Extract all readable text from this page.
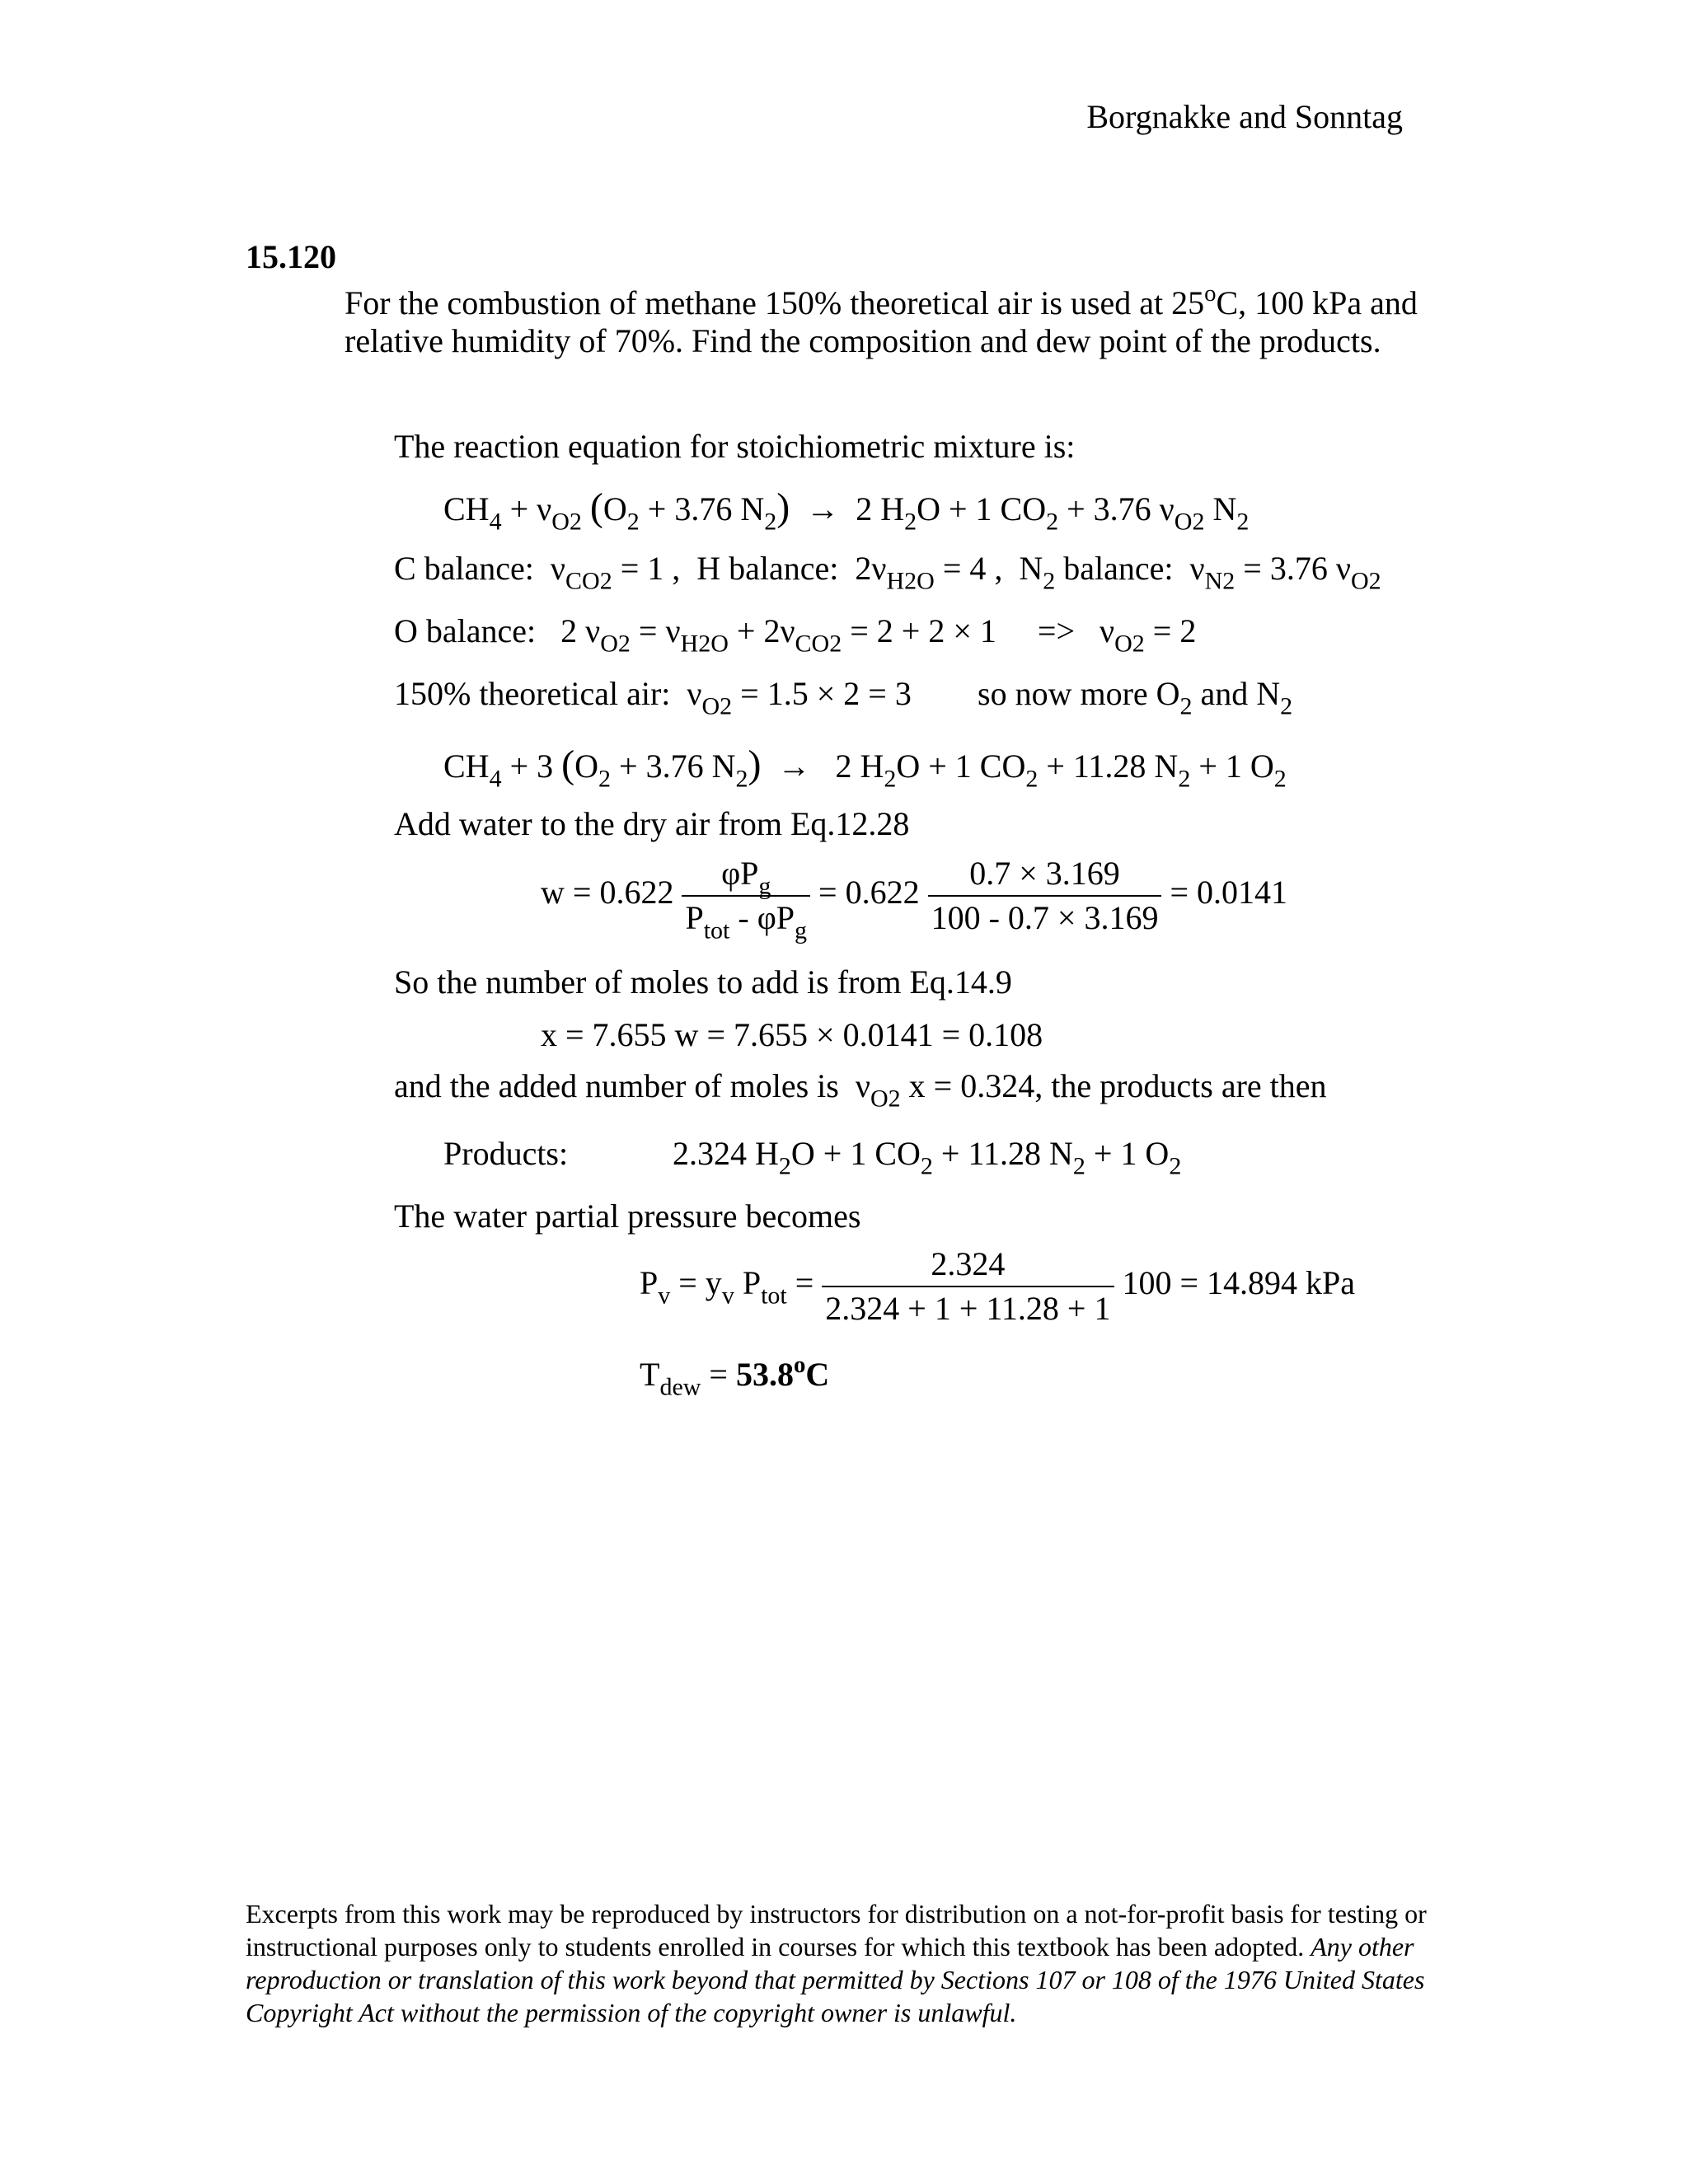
Borgnakke and Sonntag
15.120
For the combustion of methane 150% theoretical air is used at 25$^o$C, 100 kPa and
relative humidity of 70%. Find the composition and dew point of the products.
The reaction equation for stoichiometric mixture is:
$CH_4 + \nu_{O2}$ ($O_2 + 3.76$ $N_2) \to 2$ $H_2O + 1$ $CO_2 + 3.76$ $\nu_{O2}$ $N_2$
C balance:  $\nu_{CO2} = 1$ ,  H balance:  $2\nu_{H2O} = 4$ ,  $N_2$ balance:  $\nu_{N2} = 3.76$ $\nu_{O2}$
O balance:   2 $\nu_{O2} = \nu_{H2O} + 2\nu_{CO2} = 2 + 2 \times 1$     =>   $\nu_{O2} = 2$
150% theoretical air:  $\nu_{O2} = 1.5 \times 2 = 3$ so now more $O_2$ and $N_2$
$CH_4 + 3$ ($O_2 + 3.76$ $N_2) \to 2$ $H_2O + 1$ $CO_2 + 11.28$ $N_2 + 1$ $O_2$
Add water to the dry air from Eq.12.28
$w = 0.622 \frac{\varphi P_g}{P_{tot} - \varphi P_g} = 0.622 \frac{0.7 \times 3.169}{100 - 0.7 \times 3.169} = 0.0141$
So the number of moles to add is from Eq.14.9
x = 7.655 w = 7.655 × 0.0141 = 0.108
and the added number of moles is  $\nu_{O2}$ x = 0.324, the products are then
Products:	2.324 $H_2O + 1$ $CO_2 + 11.28$ $N_2 + 1$ $O_2$
The water partial pressure becomes
$P_v = y_v$ $P_{tot} = \frac{2.324}{2.324 + 1 + 11.28 + 1} 100 = 14.894$ kPa
$T_{dew} = 53.8^oC$
Excerpts from this work may be reproduced by instructors for distribution on a not-for-profit basis for testing or instructional purposes only to students enrolled in courses for which this textbook has been adopted. Any other reproduction or translation of this work beyond that permitted by Sections 107 or 108 of the 1976 United States Copyright Act without the permission of the copyright owner is unlawful.
